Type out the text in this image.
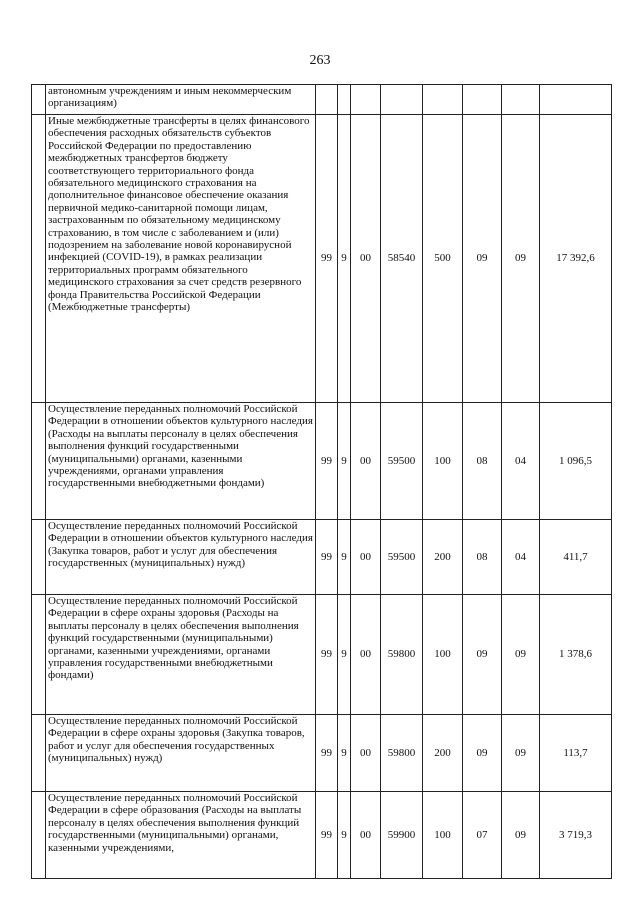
263
	автономным учреждениям и иным некоммерческим организациям)								
	Иные межбюджетные трансферты в целях финансового обеспечения расходных обязательств субъектов Российской Федерации по предоставлению межбюджетных трансфертов бюджету соответствующего территориального фонда обязательного медицинского страхования на дополнительное финансовое обеспечение оказания первичной медико-санитарной помощи лицам, застрахованным по обязательному медицинскому страхованию, в том числе с заболеванием и (или) подозрением на заболевание новой коронавирусной инфекцией (COVID-19), в рамках реализации территориальных программ обязательного медицинского страхования за счет средств резервного фонда Правительства Российской Федерации (Межбюджетные трансферты)	99	9	00	58540	500	09	09	17 392,6
	Осуществление переданных полномочий Российской Федерации в отношении объектов культурного наследия (Расходы на выплаты персоналу в целях обеспечения выполнения функций государственными (муниципальными) органами, казенными учреждениями, органами управления государственными внебюджетными фондами)	99	9	00	59500	100	08	04	1 096,5
	Осуществление переданных полномочий Российской Федерации в отношении объектов культурного наследия (Закупка товаров, работ и услуг для обеспечения государственных (муниципальных) нужд)	99	9	00	59500	200	08	04	411,7
	Осуществление переданных полномочий Российской Федерации в сфере охраны здоровья (Расходы на выплаты персоналу в целях обеспечения выполнения функций государственными (муниципальными) органами, казенными учреждениями, органами управления государственными внебюджетными фондами)	99	9	00	59800	100	09	09	1 378,6
	Осуществление переданных полномочий Российской Федерации в сфере охраны здоровья (Закупка товаров, работ и услуг для обеспечения государственных (муниципальных) нужд)	99	9	00	59800	200	09	09	113,7
	Осуществление переданных полномочий Российской Федерации в сфере образования (Расходы на выплаты персоналу в целях обеспечения выполнения функций государственными (муниципальными) органами, казенными учреждениями,	99	9	00	59900	100	07	09	3 719,3
